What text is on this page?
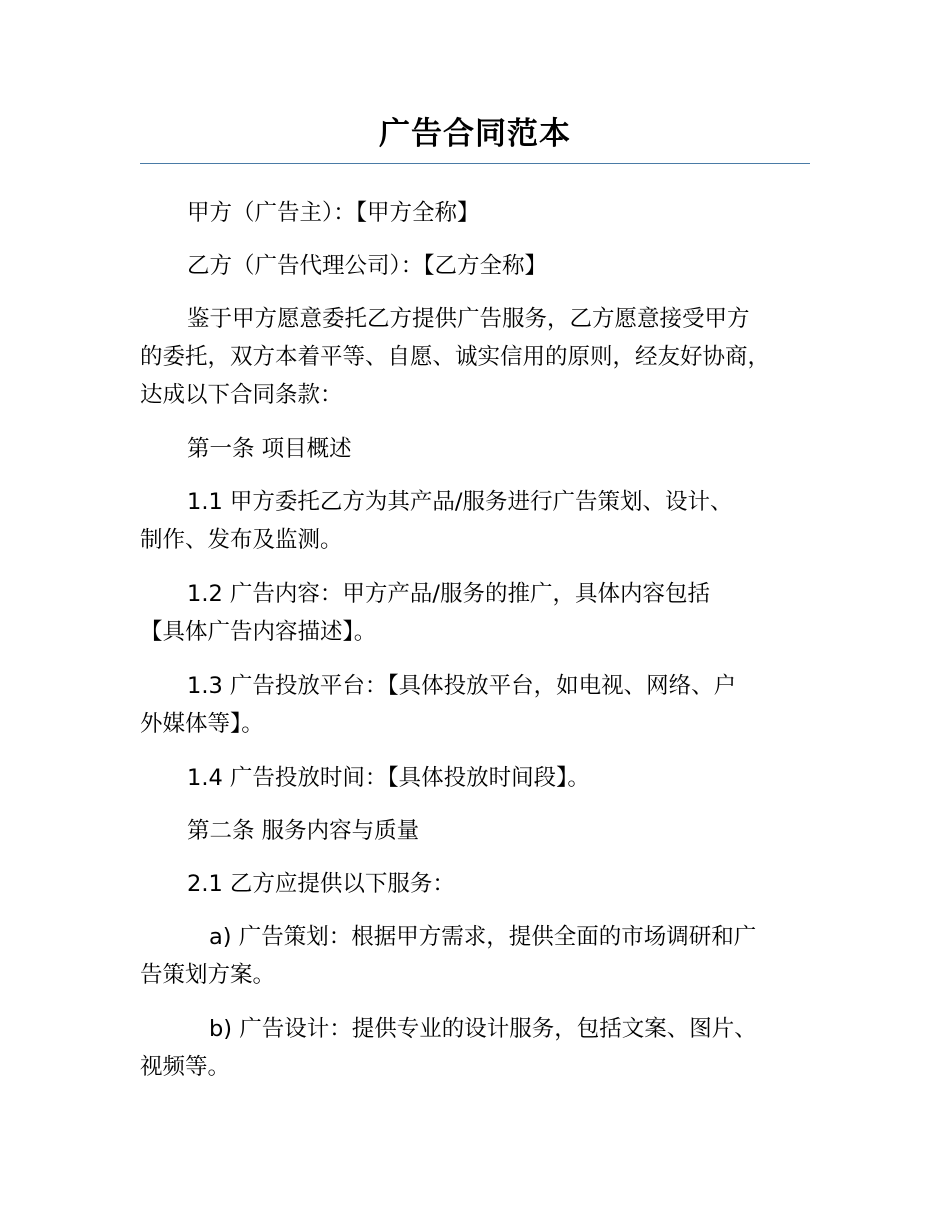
广告合同范本

甲方（广告主）：【甲方全称】

乙方（广告代理公司）：【乙方全称】

鉴于甲方愿意委托乙方提供广告服务，乙方愿意接受甲方
的委托，双方本着平等、自愿、诚实信用的原则，经友好协商，
达成以下合同条款：

第一条 项目概述

1.1 甲方委托乙方为其产品/服务进行广告策划、设计、
制作、发布及监测。

1.2 广告内容：甲方产品/服务的推广，具体内容包括
【具体广告内容描述】。

1.3 广告投放平台：【具体投放平台，如电视、网络、户
外媒体等】。

1.4 广告投放时间：【具体投放时间段】。

第二条 服务内容与质量

2.1 乙方应提供以下服务：

a) 广告策划：根据甲方需求，提供全面的市场调研和广
告策划方案。

b) 广告设计：提供专业的设计服务，包括文案、图片、
视频等。
